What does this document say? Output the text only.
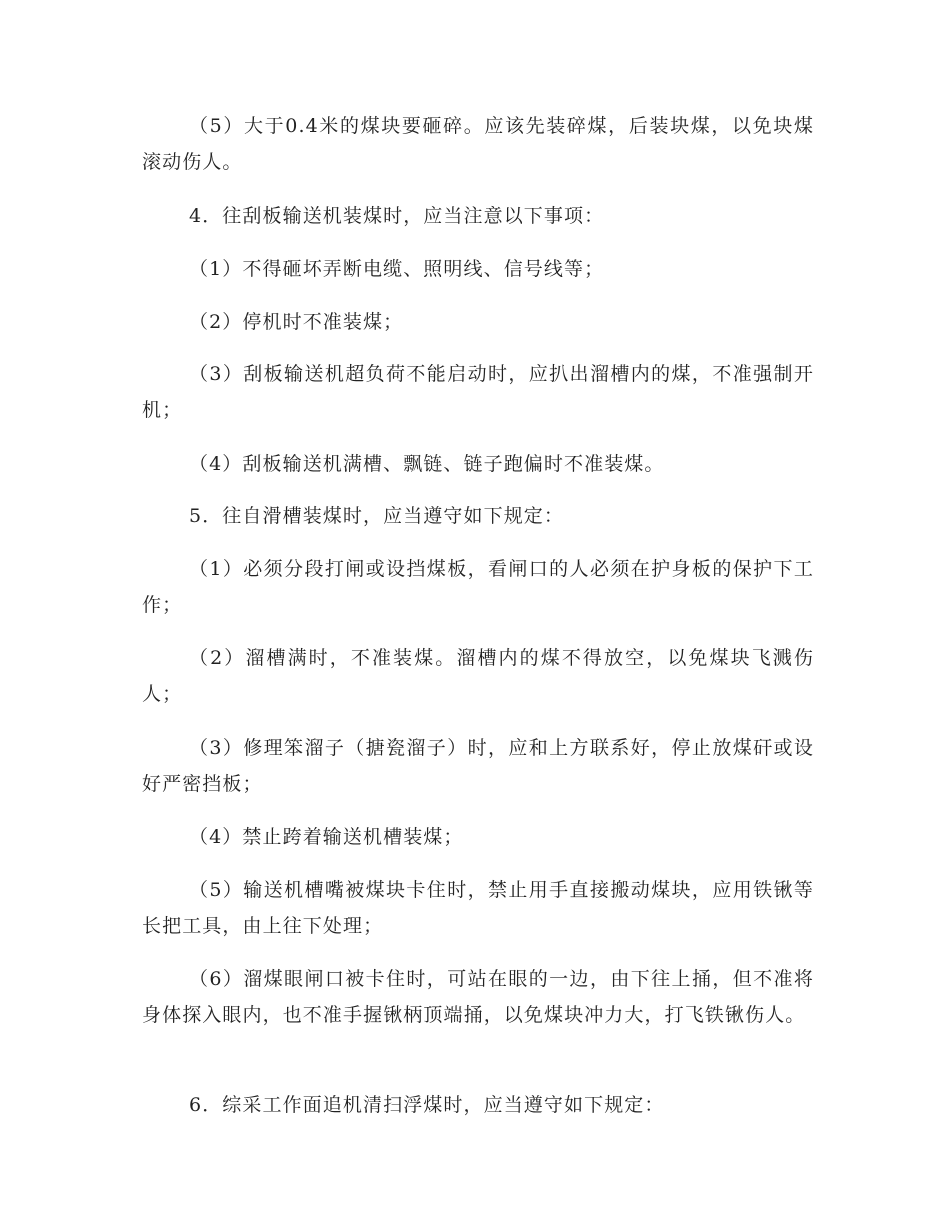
（5）大于0.4米的煤块要砸碎。应该先装碎煤，后装块煤，以免块煤滚动伤人。

4．往刮板输送机装煤时，应当注意以下事项：

（1）不得砸坏弄断电缆、照明线、信号线等；

（2）停机时不准装煤；

（3）刮板输送机超负荷不能启动时，应扒出溜槽内的煤，不准强制开机；

（4）刮板输送机满槽、飘链、链子跑偏时不准装煤。

5．往自滑槽装煤时，应当遵守如下规定：

（1）必须分段打闸或设挡煤板，看闸口的人必须在护身板的保护下工作；

（2）溜槽满时，不准装煤。溜槽内的煤不得放空，以免煤块飞溅伤人；

（3）修理笨溜子（搪瓷溜子）时，应和上方联系好，停止放煤矸或设好严密挡板；

（4）禁止跨着输送机槽装煤；

（5）输送机槽嘴被煤块卡住时，禁止用手直接搬动煤块，应用铁锹等长把工具，由上往下处理；

（6）溜煤眼闸口被卡住时，可站在眼的一边，由下往上捅，但不准将身体探入眼内，也不准手握锹柄顶端捅，以免煤块冲力大，打飞铁锹伤人。

6．综采工作面追机清扫浮煤时，应当遵守如下规定：
